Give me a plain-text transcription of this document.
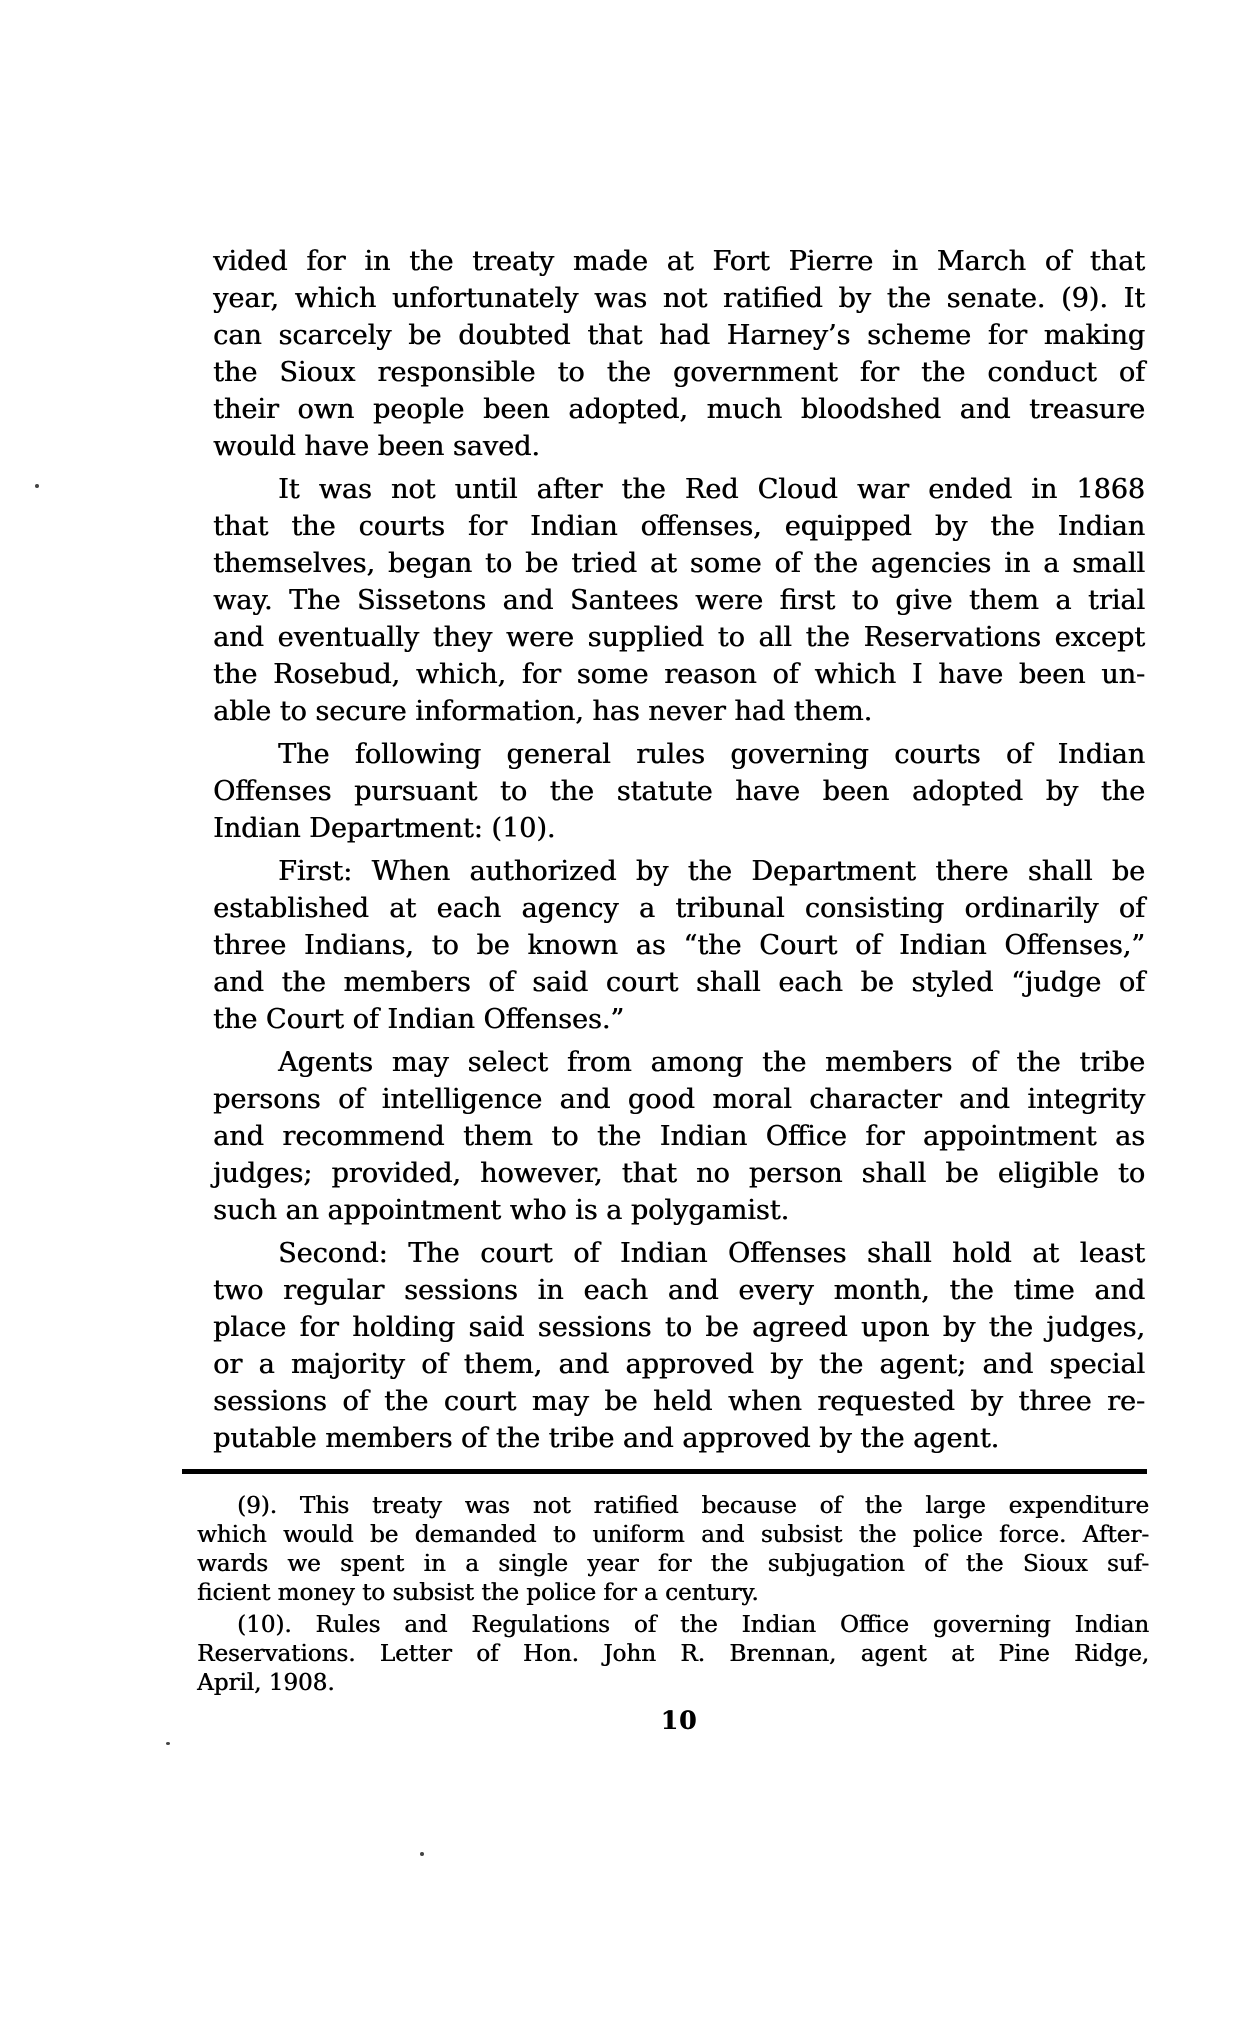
vided for in the treaty made at Fort Pierre in March of that
year, which unfortunately was not ratified by the senate. (9). It
can scarcely be doubted that had Harney’s scheme for making
the Sioux responsible to the government for the conduct of
their own people been adopted, much bloodshed and treasure
would have been saved.
It was not until after the Red Cloud war ended in 1868
that the courts for Indian offenses, equipped by the Indian
themselves, began to be tried at some of the agencies in a small
way. The Sissetons and Santees were first to give them a trial
and eventually they were supplied to all the Reservations except
the Rosebud, which, for some reason of which I have been un-
able to secure information, has never had them.
The following general rules governing courts of Indian
Offenses pursuant to the statute have been adopted by the
Indian Department: (10).
First: When authorized by the Department there shall be
established at each agency a tribunal consisting ordinarily of
three Indians, to be known as “the Court of Indian Offenses,”
and the members of said court shall each be styled “judge of
the Court of Indian Offenses.”
Agents may select from among the members of the tribe
persons of intelligence and good moral character and integrity
and recommend them to the Indian Office for appointment as
judges; provided, however, that no person shall be eligible to
such an appointment who is a polygamist.
Second: The court of Indian Offenses shall hold at least
two regular sessions in each and every month, the time and
place for holding said sessions to be agreed upon by the judges,
or a majority of them, and approved by the agent; and special
sessions of the court may be held when requested by three re-
putable members of the tribe and approved by the agent.
(9). This treaty was not ratified because of the large expenditure
which would be demanded to uniform and subsist the police force. After-
wards we spent in a single year for the subjugation of the Sioux suf-
ficient money to subsist the police for a century.
(10). Rules and Regulations of the Indian Office governing Indian
Reservations. Letter of Hon. John R. Brennan, agent at Pine Ridge,
April, 1908.
10
